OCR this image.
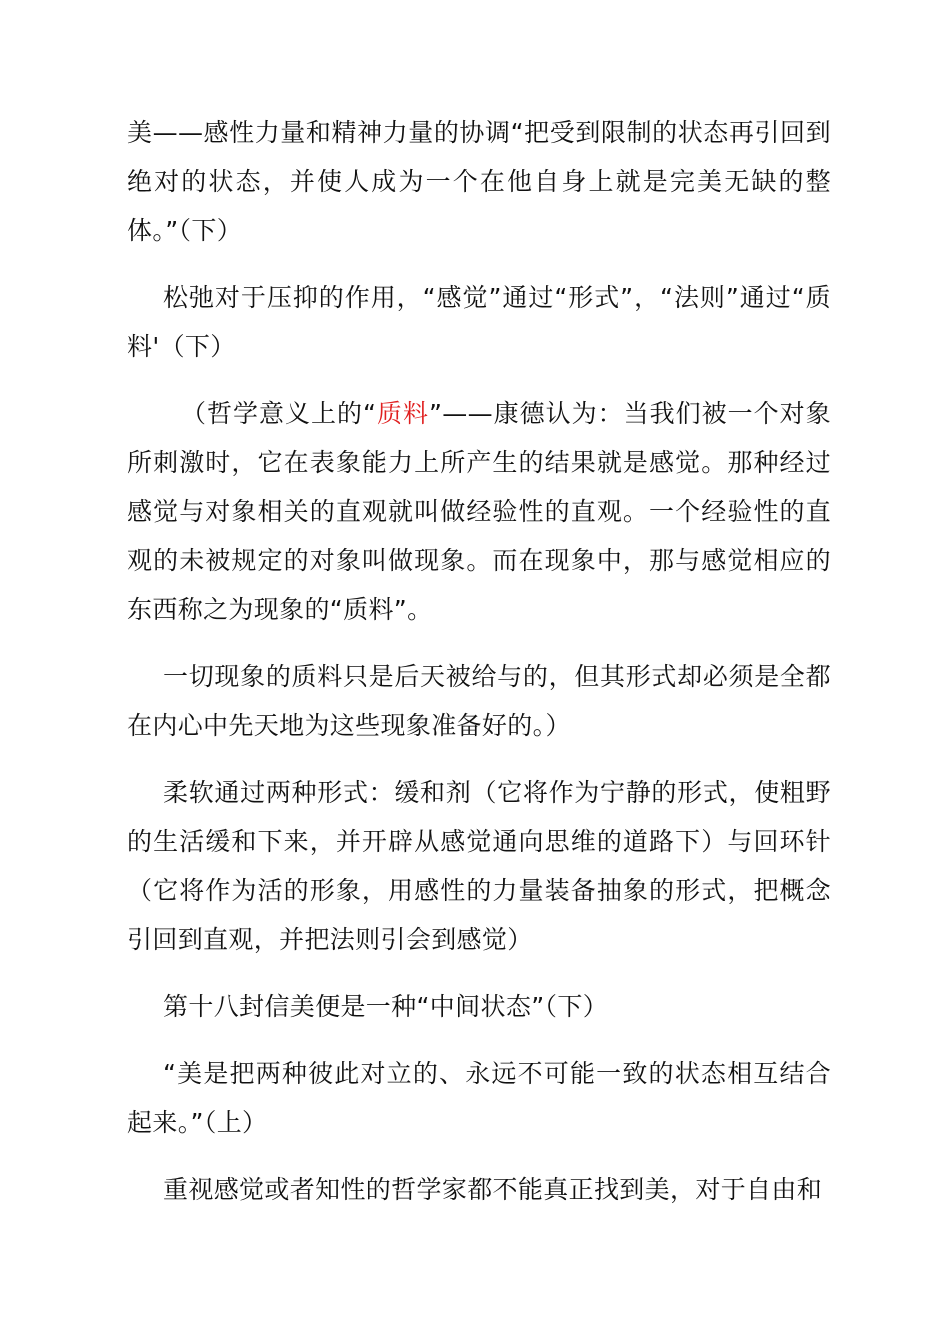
美——感性力量和精神力量的协调“把受到限制的状态再引回到绝对的状态，并使人成为一个在他自身上就是完美无缺的整体。”（下）

松弛对于压抑的作用，“感觉”通过“形式”，“法则”通过“质料'（下）

（哲学意义上的“质料”——康德认为：当我们被一个对象所刺激时，它在表象能力上所产生的结果就是感觉。那种经过感觉与对象相关的直观就叫做经验性的直观。一个经验性的直观的未被规定的对象叫做现象。而在现象中，那与感觉相应的东西称之为现象的“质料”。

一切现象的质料只是后天被给与的，但其形式却必须是全都在内心中先天地为这些现象准备好的。）

柔软通过两种形式：缓和剂（它将作为宁静的形式，使粗野的生活缓和下来，并开辟从感觉通向思维的道路下）与回环针（它将作为活的形象，用感性的力量装备抽象的形式，把概念引回到直观，并把法则引会到感觉）

第十八封信美便是一种“中间状态”（下）

“美是把两种彼此对立的、永远不可能一致的状态相互结合起来。”（上）

重视感觉或者知性的哲学家都不能真正找到美，对于自由和
